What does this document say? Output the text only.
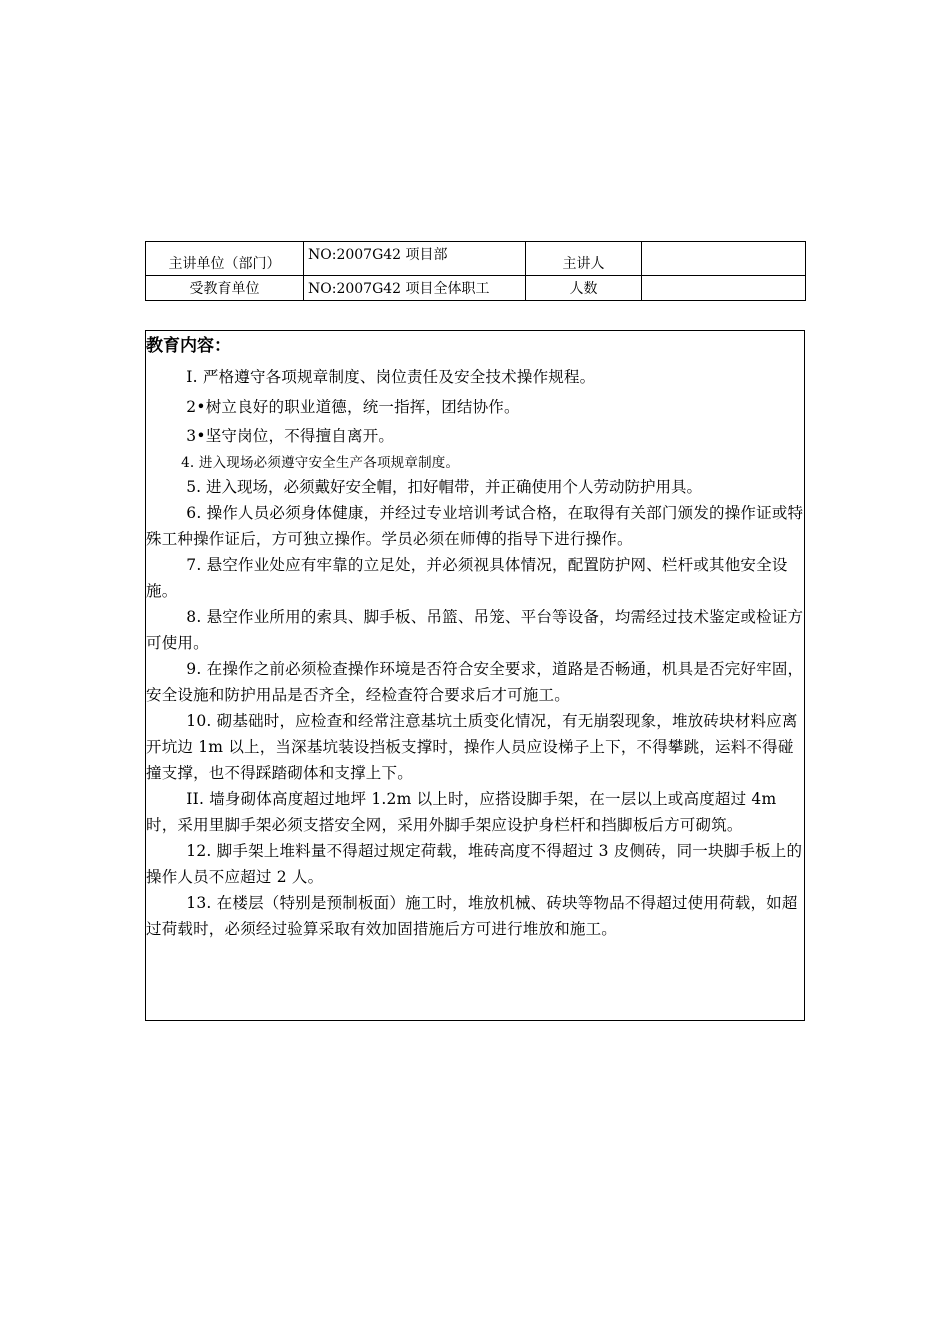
主讲单位（部门）	NO:2007G42 项目部	主讲人	
受教育单位	NO:2007G42 项目全体职工	人数	
教育内容：

I. 严格遵守各项规章制度、岗位责任及安全技术操作规程。

2•树立良好的职业道德，统一指挥，团结协作。

3•坚守岗位，不得擅自离开。

4. 进入现场必须遵守安全生产各项规章制度。

5. 进入现场，必须戴好安全帽，扣好帽带，并正确使用个人劳动防护用具。

6. 操作人员必须身体健康，并经过专业培训考试合格，在取得有关部门颁发的操作证或特殊工种操作证后，方可独立操作。学员必须在师傅的指导下进行操作。

7. 悬空作业处应有牢靠的立足处，并必须视具体情况，配置防护网、栏杆或其他安全设施。

8. 悬空作业所用的索具、脚手板、吊篮、吊笼、平台等设备，均需经过技术鉴定或检证方可使用。

9. 在操作之前必须检查操作环境是否符合安全要求，道路是否畅通，机具是否完好牢固，安全设施和防护用品是否齐全，经检查符合要求后才可施工。

10. 砌基础时，应检查和经常注意基坑土质变化情况，有无崩裂现象，堆放砖块材料应离开坑边 1m 以上，当深基坑装设挡板支撑时，操作人员应设梯子上下，不得攀跳，运料不得碰撞支撑，也不得踩踏砌体和支撑上下。

II. 墙身砌体高度超过地坪 1.2m 以上时，应搭设脚手架，在一层以上或高度超过 4m 时，采用里脚手架必须支搭安全网，采用外脚手架应设护身栏杆和挡脚板后方可砌筑。

12. 脚手架上堆料量不得超过规定荷载，堆砖高度不得超过 3 皮侧砖，同一块脚手板上的操作人员不应超过 2 人。

13. 在楼层（特别是预制板面）施工时，堆放机械、砖块等物品不得超过使用荷载，如超过荷载时，必须经过验算采取有效加固措施后方可进行堆放和施工。
